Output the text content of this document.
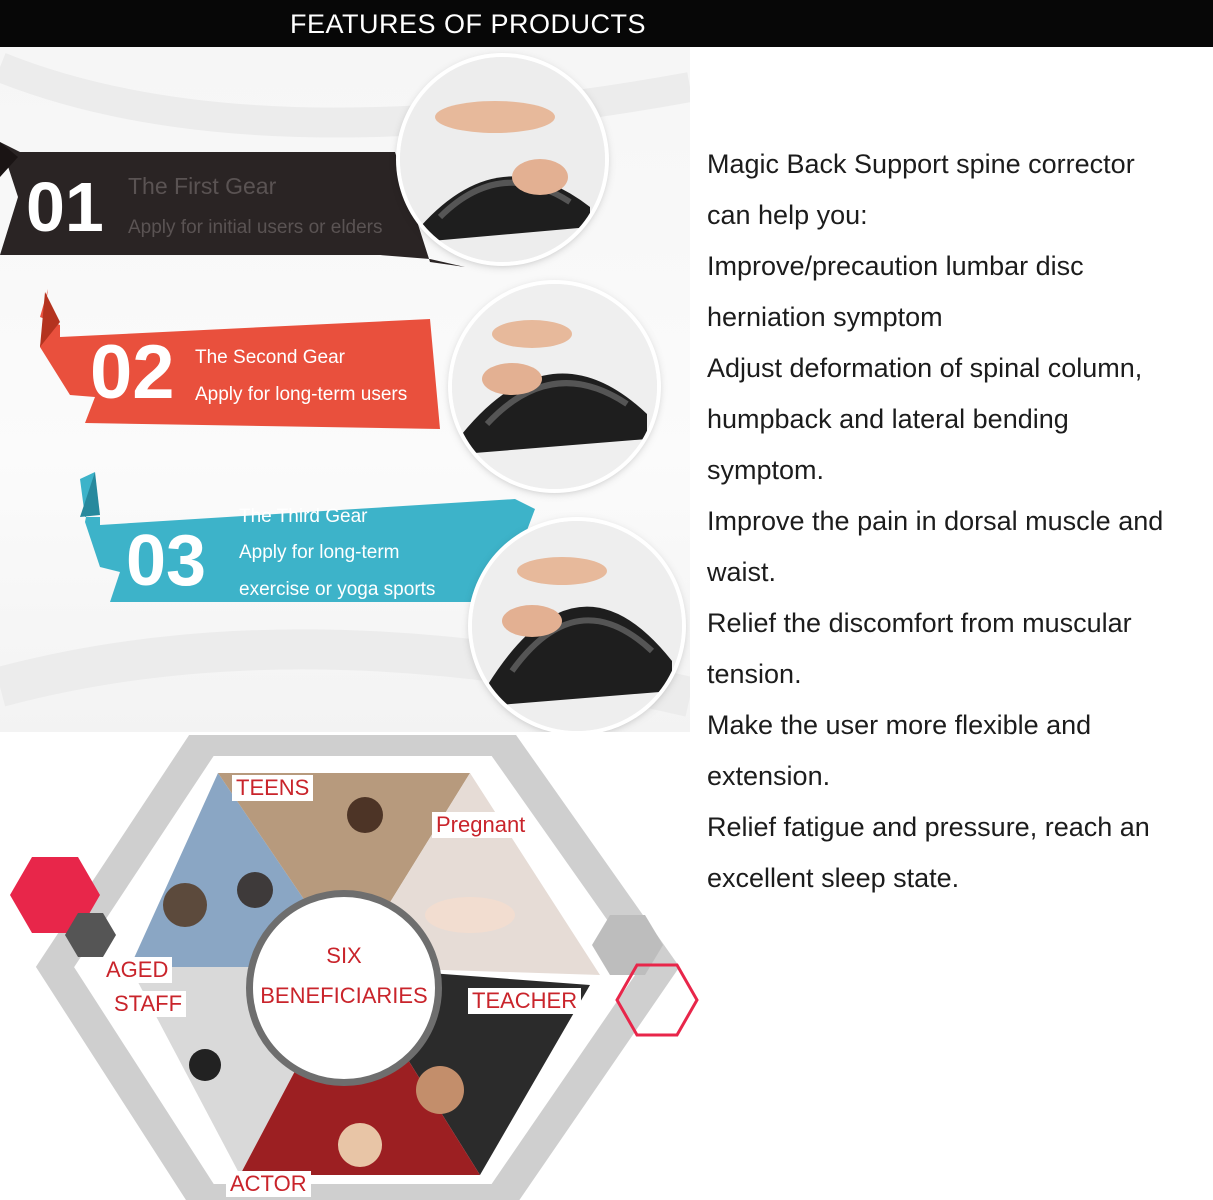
FEATURES OF PRODUCTS
01 The First Gear
Apply for initial users or elders
02 The Second Gear
Apply for long-term users
03
The Third Gear
Apply for long-term
exercise or yoga sports
Magic Back Support spine corrector
can help you:
Improve/precaution lumbar disc
herniation symptom
Adjust deformation of spinal column,
humpback and lateral bending
symptom.
Improve the pain in dorsal muscle and
waist.
Relief the discomfort from muscular
tension.
Make the user more flexible and
extension.
Relief fatigue and pressure, reach an
excellent sleep state.
TEENS
Pregnant
AGED
STAFF	TEACHER
ACTOR
SIX
BENEFICIARIES
